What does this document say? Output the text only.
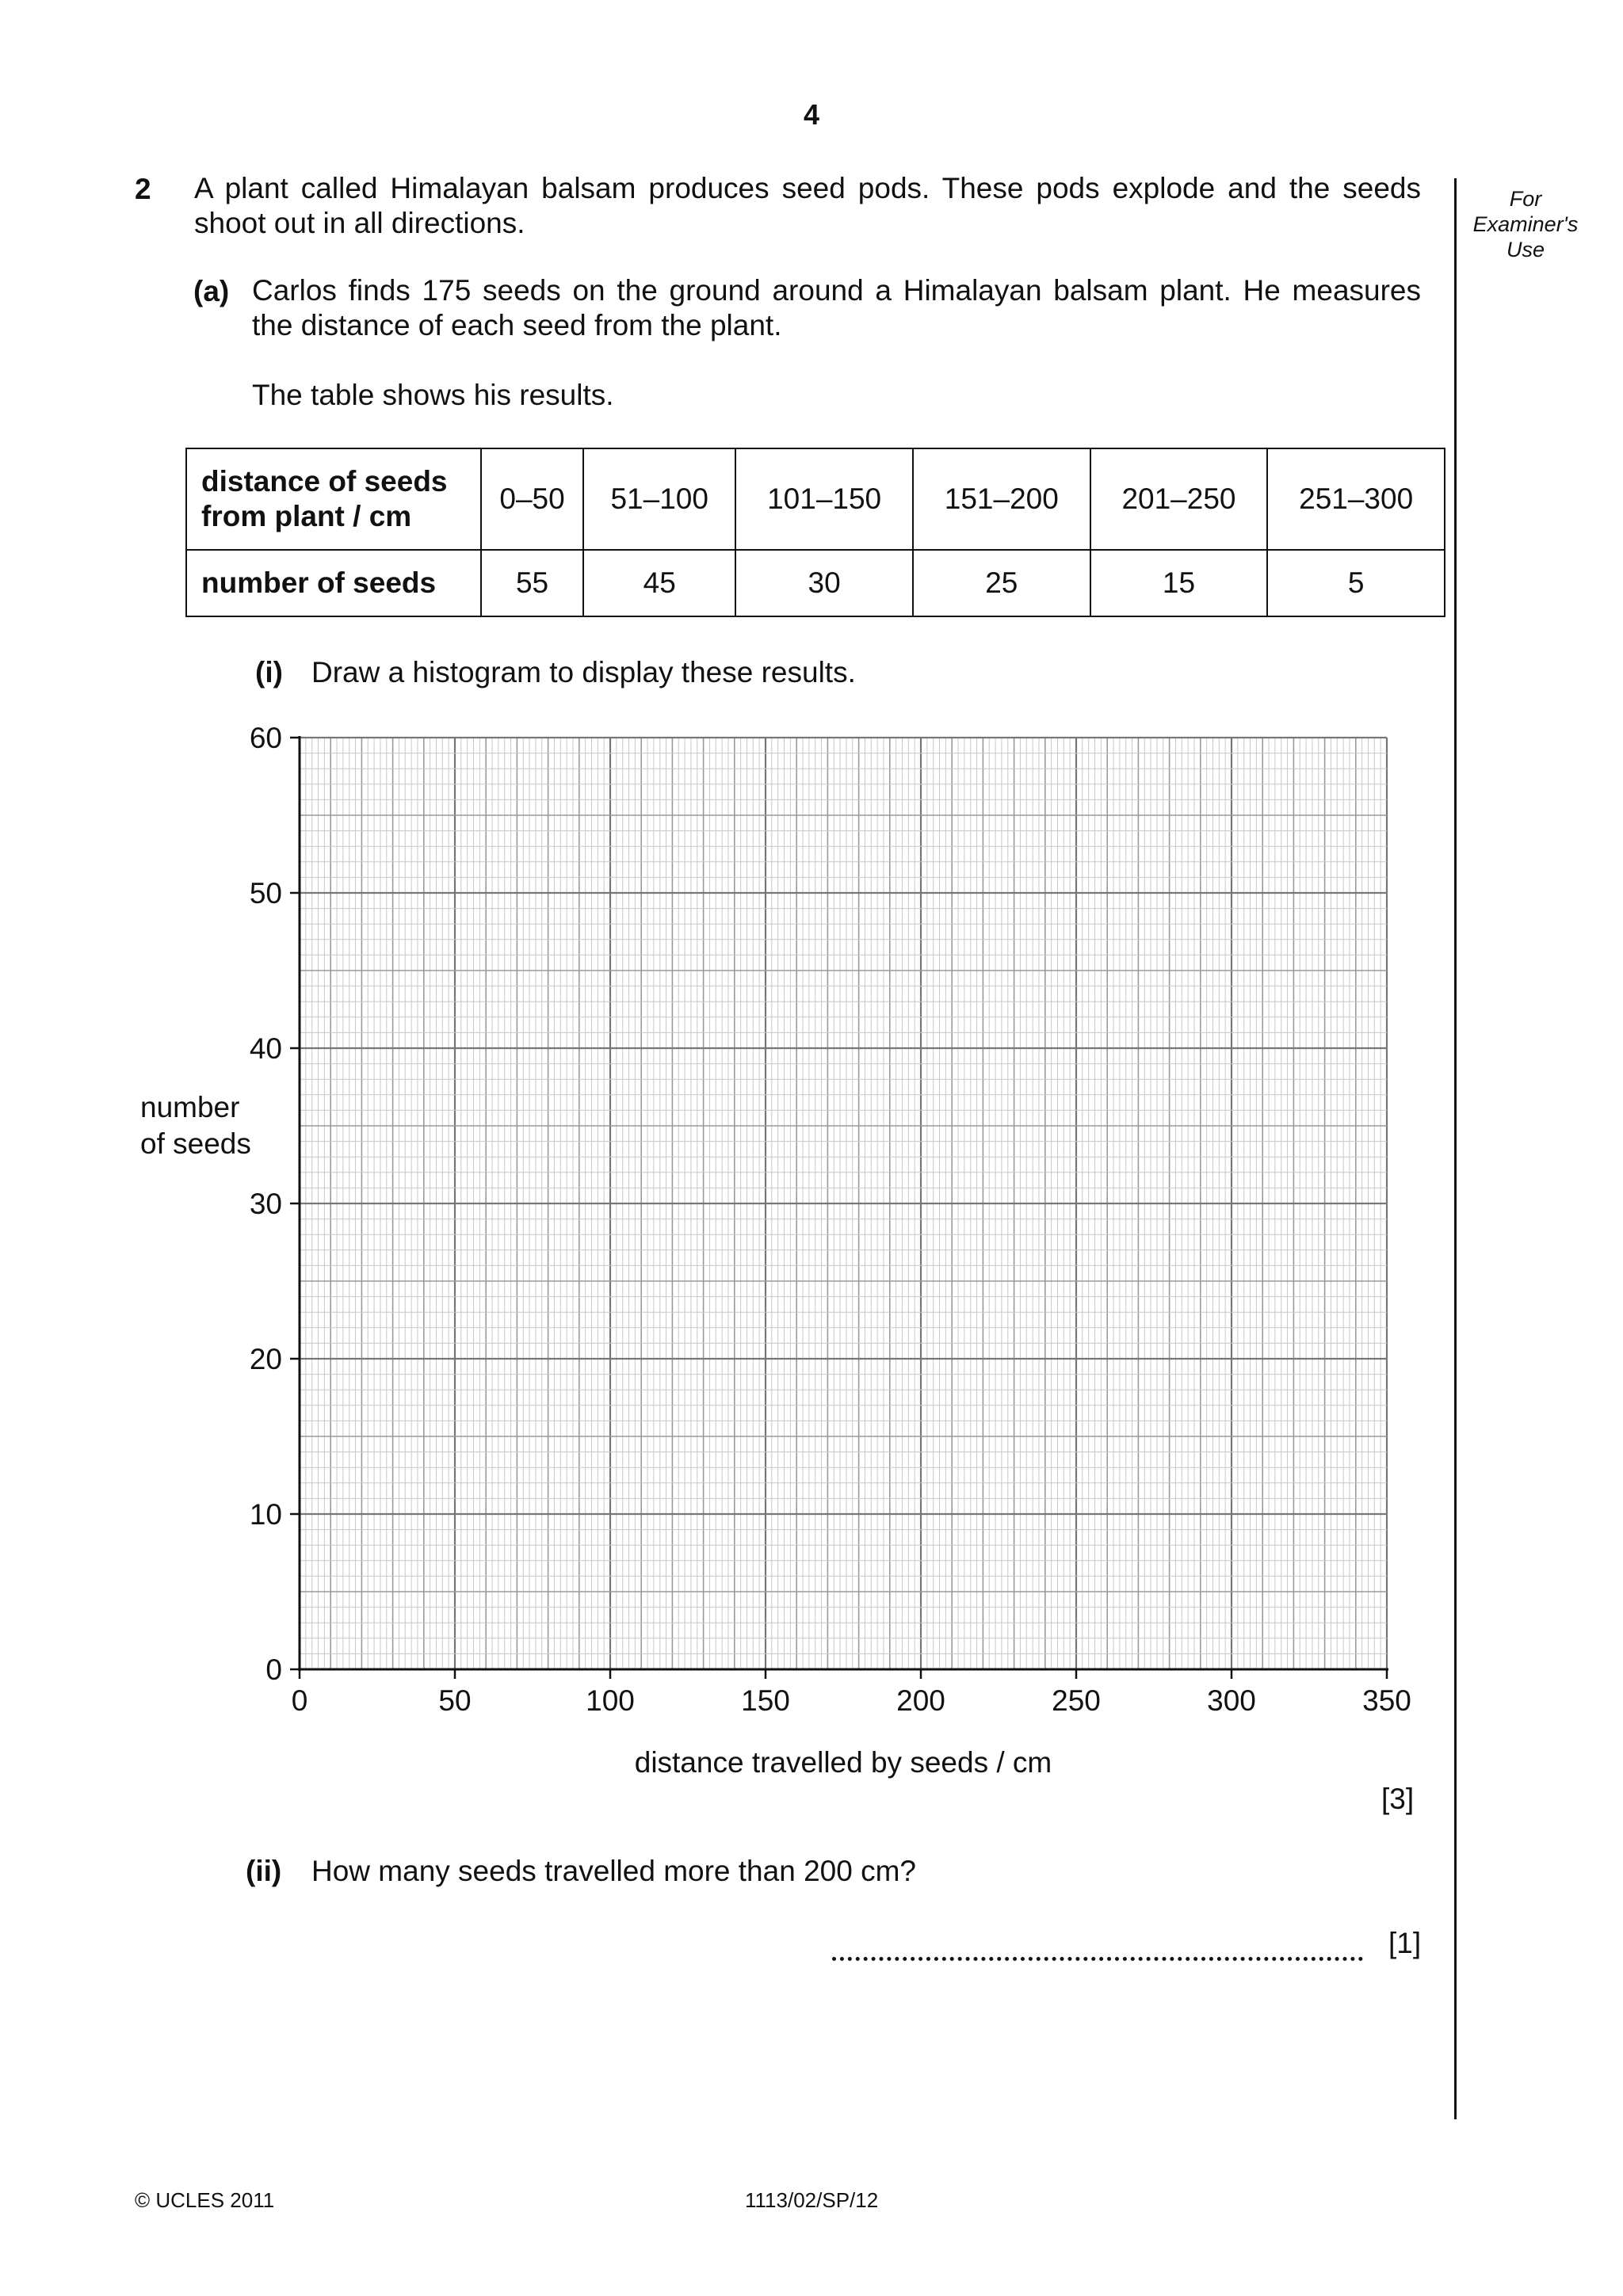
4
For
Examiner's
Use
2 A plant called Himalayan balsam produces seed pods. These pods explode and the seeds shoot out in all directions.
(a) Carlos finds 175 seeds on the ground around a Himalayan balsam plant. He measures the distance of each seed from the plant.
The table shows his results.
distance of seeds
from plant / cm	0–50	51–100	101–150	151–200	201–250	251–300
number of seeds	55	45	30	25	15	5
(i) Draw a histogram to display these results.
0	50	100	150	200	250	300	350
0
10
20
30
40
50
60
distance travelled by seeds / cm
number
of seeds
[3]
(ii) How many seeds travelled more than 200 cm?
[1]
© UCLES 2011	1113/02/SP/12
